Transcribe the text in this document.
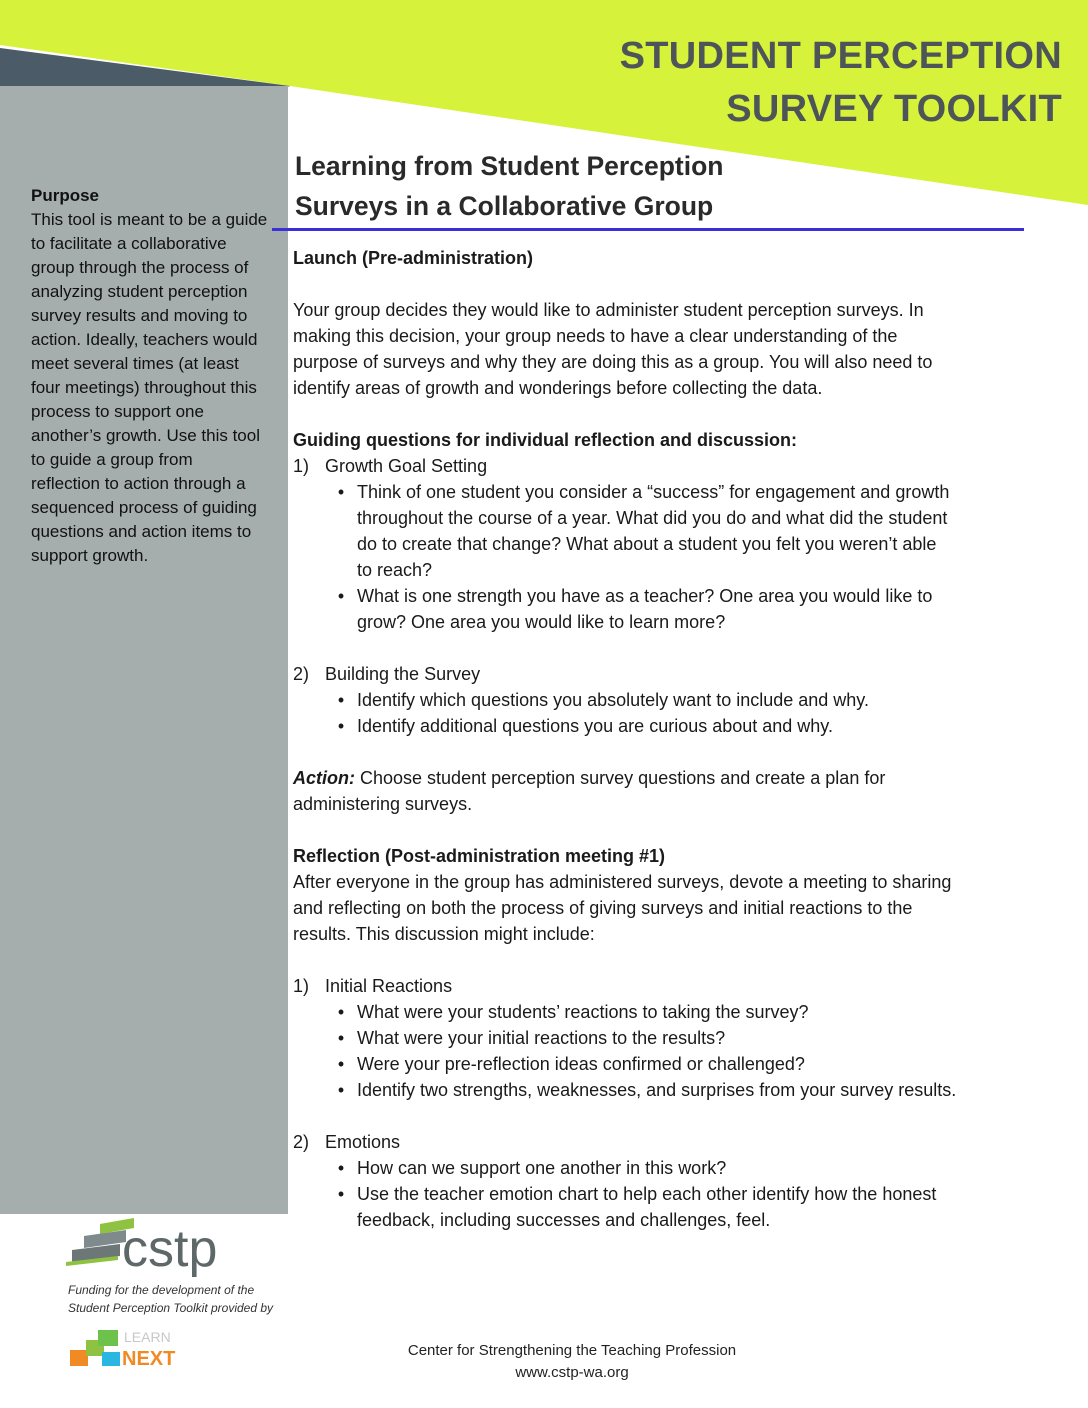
STUDENT PERCEPTION
SURVEY TOOLKIT
Purpose
This tool is meant to be a guide
to facilitate a collaborative
group through the process of
analyzing student perception
survey results and moving to
action. Ideally, teachers would
meet several times (at least
four meetings) throughout this
process to support one
another’s growth. Use this tool
to guide a group from
reflection to action through a
sequenced process of guiding
questions and action items to
support growth.
Learning from Student Perception
Surveys in a Collaborative Group

Launch (Pre-administration)

Your group decides they would like to administer student perception surveys. In

making this decision, your group needs to have a clear understanding of the

purpose of surveys and why they are doing this as a group. You will also need to

identify areas of growth and wonderings before collecting the data.

Guiding questions for individual reflection and discussion:

1) Growth Goal Setting
• Think of one student you consider a “success” for engagement and growth
throughout the course of a year. What did you do and what did the student
do to create that change? What about a student you felt you weren’t able
to reach?
• What is one strength you have as a teacher? One area you would like to
grow? One area you would like to learn more?
2) Building the Survey
• Identify which questions you absolutely want to include and why.
• Identify additional questions you are curious about and why.

Action: Choose student perception survey questions and create a plan for

administering surveys.

Reflection (Post-administration meeting #1)

After everyone in the group has administered surveys, devote a meeting to sharing

and reflecting on both the process of giving surveys and initial reactions to the

results. This discussion might include:

1) Initial Reactions
• What were your students’ reactions to taking the survey?
• What were your initial reactions to the results?
• Were your pre-reflection ideas confirmed or challenged?
• Identify two strengths, weaknesses, and surprises from your survey results.
2) Emotions
• How can we support one another in this work?
• Use the teacher emotion chart to help each other identify how the honest
feedback, including successes and challenges, feel.
cstp
Funding for the development of the
Student Perception Toolkit provided by
LEARN
NEXT	Center for Strengthening the Teaching Profession
www.cstp-wa.org
